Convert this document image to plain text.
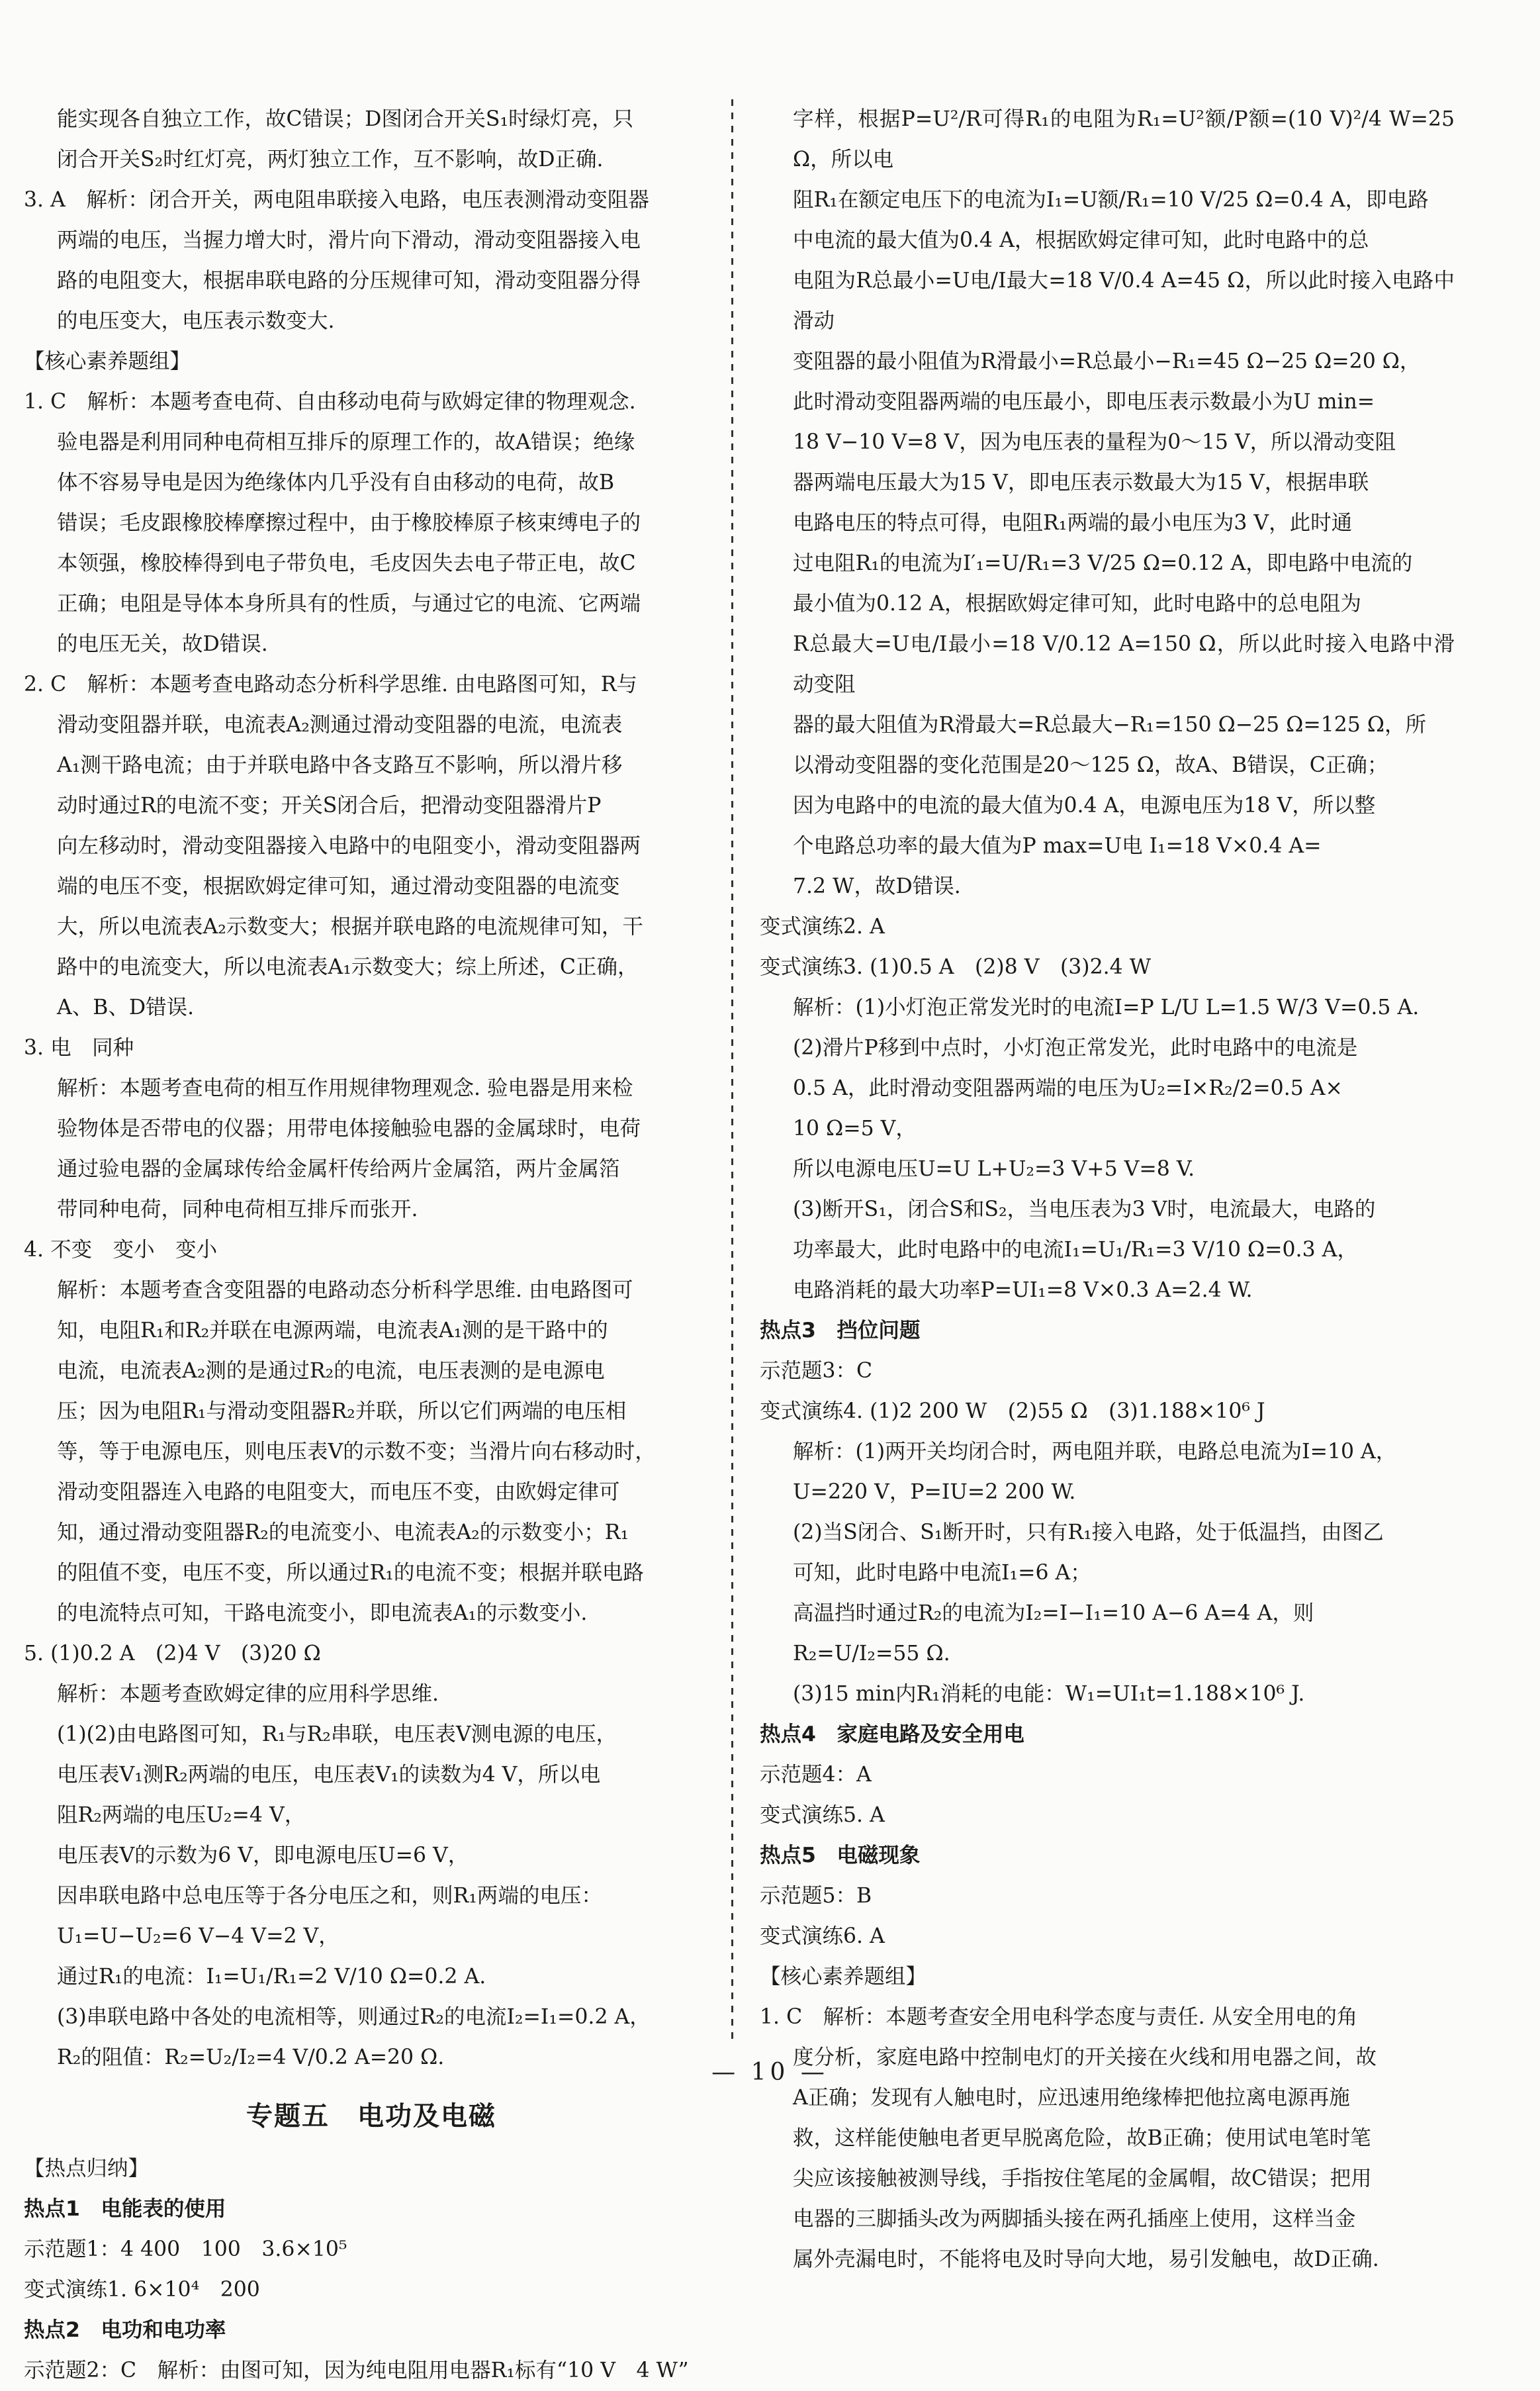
能实现各自独立工作，故C错误；D图闭合开关S₁时绿灯亮，只

闭合开关S₂时红灯亮，两灯独立工作，互不影响，故D正确.

3. A　解析：闭合开关，两电阻串联接入电路，电压表测滑动变阻器

两端的电压，当握力增大时，滑片向下滑动，滑动变阻器接入电

路的电阻变大，根据串联电路的分压规律可知，滑动变阻器分得

的电压变大，电压表示数变大.

【核心素养题组】

1. C　解析：本题考查电荷、自由移动电荷与欧姆定律的物理观念.

验电器是利用同种电荷相互排斥的原理工作的，故A错误；绝缘

体不容易导电是因为绝缘体内几乎没有自由移动的电荷，故B

错误；毛皮跟橡胶棒摩擦过程中，由于橡胶棒原子核束缚电子的

本领强，橡胶棒得到电子带负电，毛皮因失去电子带正电，故C

正确；电阻是导体本身所具有的性质，与通过它的电流、它两端

的电压无关，故D错误.

2. C　解析：本题考查电路动态分析科学思维. 由电路图可知，R与

滑动变阻器并联，电流表A₂测通过滑动变阻器的电流，电流表

A₁测干路电流；由于并联电路中各支路互不影响，所以滑片移

动时通过R的电流不变；开关S闭合后，把滑动变阻器滑片P

向左移动时，滑动变阻器接入电路中的电阻变小，滑动变阻器两

端的电压不变，根据欧姆定律可知，通过滑动变阻器的电流变

大，所以电流表A₂示数变大；根据并联电路的电流规律可知，干

路中的电流变大，所以电流表A₁示数变大；综上所述，C正确，

A、B、D错误.

3. 电　同种

解析：本题考查电荷的相互作用规律物理观念. 验电器是用来检

验物体是否带电的仪器；用带电体接触验电器的金属球时，电荷

通过验电器的金属球传给金属杆传给两片金属箔，两片金属箔

带同种电荷，同种电荷相互排斥而张开.

4. 不变　变小　变小

解析：本题考查含变阻器的电路动态分析科学思维. 由电路图可

知，电阻R₁和R₂并联在电源两端，电流表A₁测的是干路中的

电流，电流表A₂测的是通过R₂的电流，电压表测的是电源电

压；因为电阻R₁与滑动变阻器R₂并联，所以它们两端的电压相

等，等于电源电压，则电压表V的示数不变；当滑片向右移动时，

滑动变阻器连入电路的电阻变大，而电压不变，由欧姆定律可

知，通过滑动变阻器R₂的电流变小、电流表A₂的示数变小；R₁

的阻值不变，电压不变，所以通过R₁的电流不变；根据并联电路

的电流特点可知，干路电流变小，即电流表A₁的示数变小.

5. (1)0.2 A　(2)4 V　(3)20 Ω

解析：本题考查欧姆定律的应用科学思维.

(1)(2)由电路图可知，R₁与R₂串联，电压表V测电源的电压，

电压表V₁测R₂两端的电压，电压表V₁的读数为4 V，所以电

阻R₂两端的电压U₂=4 V，

电压表V的示数为6 V，即电源电压U=6 V，

因串联电路中总电压等于各分电压之和，则R₁两端的电压：

U₁=U−U₂=6 V−4 V=2 V，

通过R₁的电流：I₁=U₁/R₁=2 V/10 Ω=0.2 A.

(3)串联电路中各处的电流相等，则通过R₂的电流I₂=I₁=0.2 A，

R₂的阻值：R₂=U₂/I₂=4 V/0.2 A=20 Ω.

专题五　电功及电磁

【热点归纳】

热点1　电能表的使用

示范题1：4 400　100　3.6×10⁵

变式演练1. 6×10⁴　200

热点2　电功和电功率

示范题2：C　解析：由图可知，因为纯电阻用电器R₁标有“10 V　4 W”

字样，根据P=U²/R可得R₁的电阻为R₁=U²额/P额=(10 V)²/4 W=25 Ω，所以电

阻R₁在额定电压下的电流为I₁=U额/R₁=10 V/25 Ω=0.4 A，即电路

中电流的最大值为0.4 A，根据欧姆定律可知，此时电路中的总

电阻为R总最小=U电/I最大=18 V/0.4 A=45 Ω，所以此时接入电路中滑动

变阻器的最小阻值为R滑最小=R总最小−R₁=45 Ω−25 Ω=20 Ω，

此时滑动变阻器两端的电压最小，即电压表示数最小为U min=

18 V−10 V=8 V，因为电压表的量程为0～15 V，所以滑动变阻

器两端电压最大为15 V，即电压表示数最大为15 V，根据串联

电路电压的特点可得，电阻R₁两端的最小电压为3 V，此时通

过电阻R₁的电流为I′₁=U/R₁=3 V/25 Ω=0.12 A，即电路中电流的

最小值为0.12 A，根据欧姆定律可知，此时电路中的总电阻为

R总最大=U电/I最小=18 V/0.12 A=150 Ω，所以此时接入电路中滑动变阻

器的最大阻值为R滑最大=R总最大−R₁=150 Ω−25 Ω=125 Ω，所

以滑动变阻器的变化范围是20～125 Ω，故A、B错误，C正确；

因为电路中的电流的最大值为0.4 A，电源电压为18 V，所以整

个电路总功率的最大值为P max=U电 I₁=18 V×0.4 A=

7.2 W，故D错误.

变式演练2. A

变式演练3. (1)0.5 A　(2)8 V　(3)2.4 W

解析：(1)小灯泡正常发光时的电流I=P L/U L=1.5 W/3 V=0.5 A.

(2)滑片P移到中点时，小灯泡正常发光，此时电路中的电流是

0.5 A，此时滑动变阻器两端的电压为U₂=I×R₂/2=0.5 A×

10 Ω=5 V，

所以电源电压U=U L+U₂=3 V+5 V=8 V.

(3)断开S₁，闭合S和S₂，当电压表为3 V时，电流最大，电路的

功率最大，此时电路中的电流I₁=U₁/R₁=3 V/10 Ω=0.3 A，

电路消耗的最大功率P=UI₁=8 V×0.3 A=2.4 W.

热点3　挡位问题

示范题3：C

变式演练4. (1)2 200 W　(2)55 Ω　(3)1.188×10⁶ J

解析：(1)两开关均闭合时，两电阻并联，电路总电流为I=10 A，

U=220 V，P=IU=2 200 W.

(2)当S闭合、S₁断开时，只有R₁接入电路，处于低温挡，由图乙

可知，此时电路中电流I₁=6 A；

高温挡时通过R₂的电流为I₂=I−I₁=10 A−6 A=4 A，则

R₂=U/I₂=55 Ω.

(3)15 min内R₁消耗的电能：W₁=UI₁t=1.188×10⁶ J.

热点4　家庭电路及安全用电

示范题4：A

变式演练5. A

热点5　电磁现象

示范题5：B

变式演练6. A

【核心素养题组】

1. C　解析：本题考查安全用电科学态度与责任. 从安全用电的角

度分析，家庭电路中控制电灯的开关接在火线和用电器之间，故

A正确；发现有人触电时，应迅速用绝缘棒把他拉离电源再施

救，这样能使触电者更早脱离危险，故B正确；使用试电笔时笔

尖应该接触被测导线，手指按住笔尾的金属帽，故C错误；把用

电器的三脚插头改为两脚插头接在两孔插座上使用，这样当金

属外壳漏电时，不能将电及时导向大地，易引发触电，故D正确.

— 10 —
